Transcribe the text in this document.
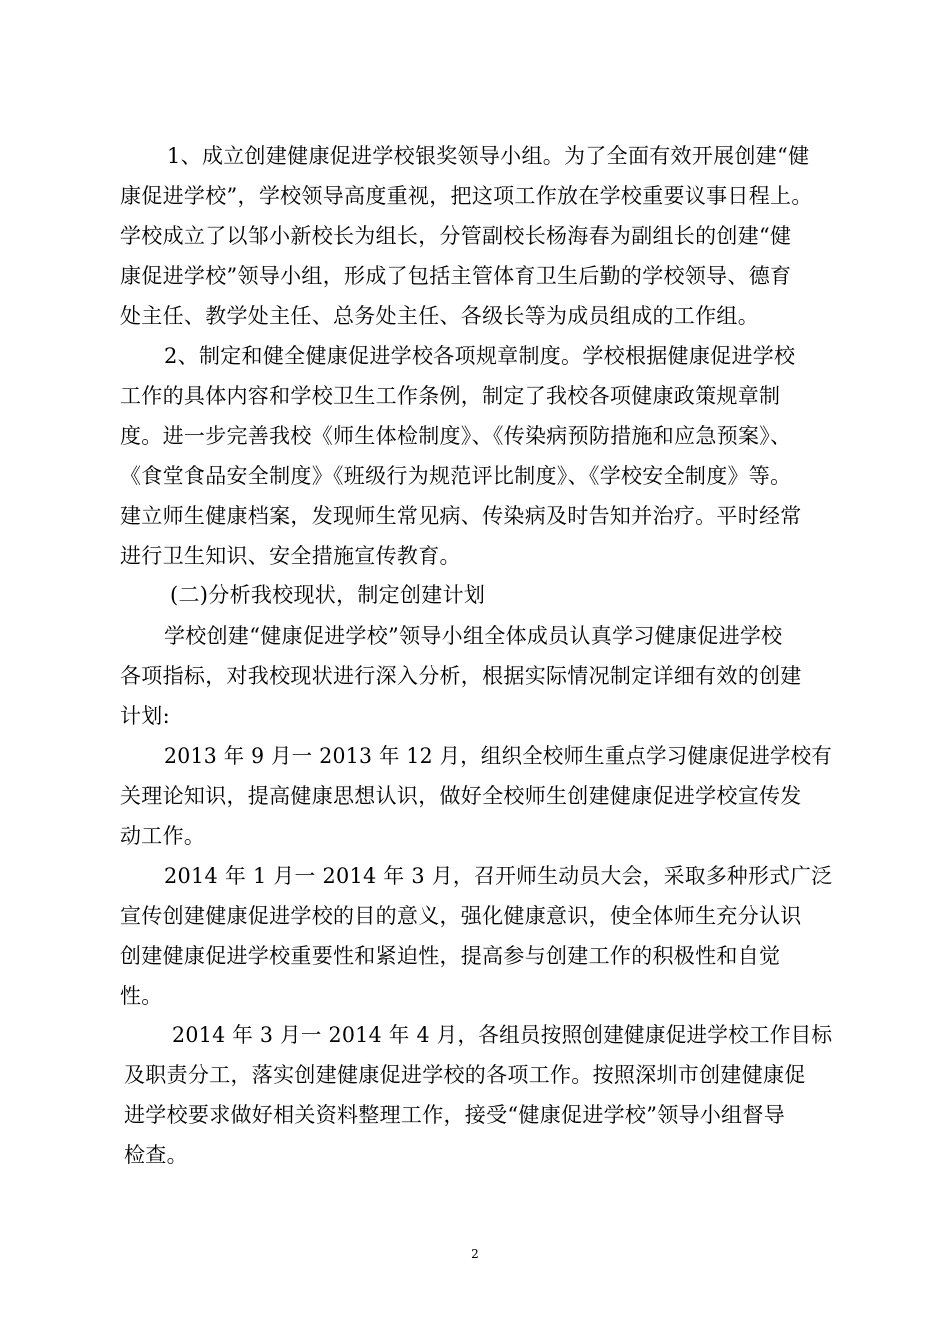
1、成立创建健康促进学校银奖领导小组。为了全面有效开展创建“健
康促进学校”，学校领导高度重视，把这项工作放在学校重要议事日程上。
学校成立了以邹小新校长为组长，分管副校长杨海春为副组长的创建“健
康促进学校”领导小组，形成了包括主管体育卫生后勤的学校领导、德育
处主任、教学处主任、总务处主任、各级长等为成员组成的工作组。
2、制定和健全健康促进学校各项规章制度。学校根据健康促进学校
工作的具体内容和学校卫生工作条例，制定了我校各项健康政策规章制
度。进一步完善我校《师生体检制度》、《传染病预防措施和应急预案》、
《食堂食品安全制度》《班级行为规范评比制度》、《学校安全制度》等。
建立师生健康档案，发现师生常见病、传染病及时告知并治疗。平时经常
进行卫生知识、安全措施宣传教育。
(二)分析我校现状，制定创建计划
学校创建“健康促进学校”领导小组全体成员认真学习健康促进学校
各项指标，对我校现状进行深入分析，根据实际情况制定详细有效的创建
计划:
2013 年 9 月一 2013 年 12 月，组织全校师生重点学习健康促进学校有
关理论知识，提高健康思想认识，做好全校师生创建健康促进学校宣传发
动工作。
2014 年 1 月一 2014 年 3 月，召开师生动员大会，采取多种形式广泛
宣传创建健康促进学校的目的意义，强化健康意识，使全体师生充分认识
创建健康促进学校重要性和紧迫性，提高参与创建工作的积极性和自觉
性。
2014 年 3 月一 2014 年 4 月，各组员按照创建健康促进学校工作目标
及职责分工，落实创建健康促进学校的各项工作。按照深圳市创建健康促
进学校要求做好相关资料整理工作，接受“健康促进学校”领导小组督导
检查。
2
